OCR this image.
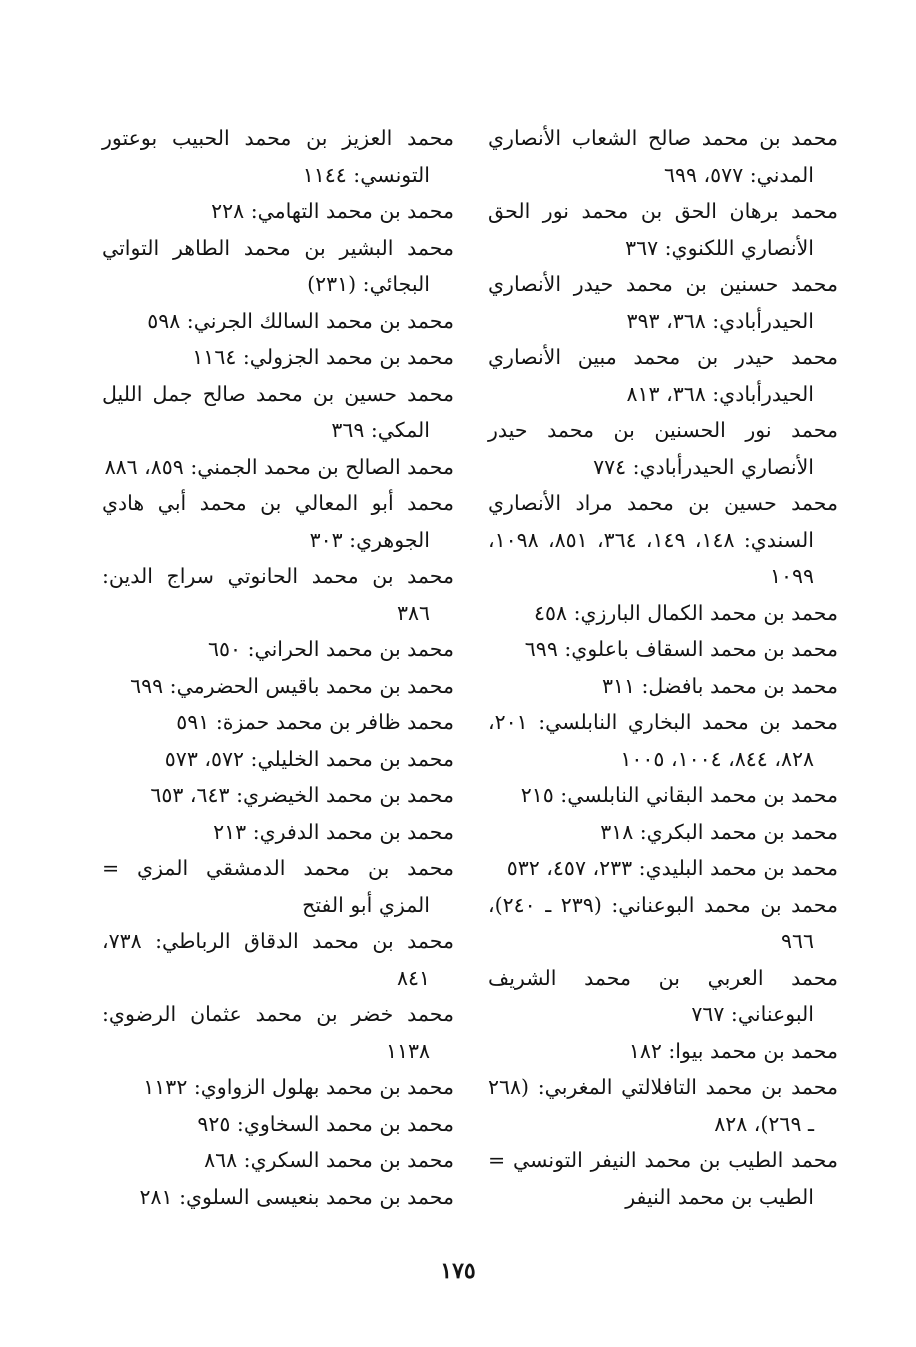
محمد بن محمد صالح الشعاب الأنصاري المدني: ٥٧٧، ٦٩٩

محمد برهان الحق بن محمد نور الحق الأنصاري اللكنوي: ٣٦٧

محمد حسنين بن محمد حيدر الأنصاري الحيدرأبادي: ٣٦٨، ٣٩٣

محمد حيدر بن محمد مبين الأنصاري الحيدرأبادي: ٣٦٨، ٨١٣

محمد نور الحسنين بن محمد حيدر الأنصاري الحيدرأبادي: ٧٧٤

محمد حسين بن محمد مراد الأنصاري السندي: ١٤٨، ١٤٩، ٣٦٤، ٨٥١، ١٠٩٨، ١٠٩٩

محمد بن محمد الكمال البارزي: ٤٥٨

محمد بن محمد السقاف باعلوي: ٦٩٩

محمد بن محمد بافضل: ٣١١

محمد بن محمد البخاري النابلسي: ٢٠١، ٨٢٨، ٨٤٤، ١٠٠٤، ١٠٠٥

محمد بن محمد البقاني النابلسي: ٢١٥

محمد بن محمد البكري: ٣١٨

محمد بن محمد البليدي: ٢٣٣، ٤٥٧، ٥٣٢

محمد بن محمد البوعناني: (٢٣٩ ـ ٢٤٠)، ٩٦٦

محمد العربي بن محمد الشريف البوعناني: ٧٦٧

محمد بن محمد بيوا: ١٨٢

محمد بن محمد التافلالتي المغربي: (٢٦٨ ـ ٢٦٩)، ٨٢٨

محمد الطيب بن محمد النيفر التونسي = الطيب بن محمد النيفر

محمد العزيز بن محمد الحبيب بوعتور التونسي: ١١٤٤

محمد بن محمد التهامي: ٢٢٨

محمد البشير بن محمد الطاهر التواتي البجائي: (٢٣١)

محمد بن محمد السالك الجرني: ٥٩٨

محمد بن محمد الجزولي: ١١٦٤

محمد حسين بن محمد صالح جمل الليل المكي: ٣٦٩

محمد الصالح بن محمد الجمني: ٨٥٩، ٨٨٦

محمد أبو المعالي بن محمد أبي هادي الجوهري: ٣٠٣

محمد بن محمد الحانوتي سراج الدين: ٣٨٦

محمد بن محمد الحراني: ٦٥٠

محمد بن محمد باقيس الحضرمي: ٦٩٩

محمد ظافر بن محمد حمزة: ٥٩١

محمد بن محمد الخليلي: ٥٧٢، ٥٧٣

محمد بن محمد الخيضري: ٦٤٣، ٦٥٣

محمد بن محمد الدفري: ٢١٣

محمد بن محمد الدمشقي المزي = المزي أبو الفتح

محمد بن محمد الدقاق الرباطي: ٧٣٨، ٨٤١

محمد خضر بن محمد عثمان الرضوي: ١١٣٨

محمد بن محمد بهلول الزواوي: ١١٣٢

محمد بن محمد السخاوي: ٩٢٥

محمد بن محمد السكري: ٨٦٨

محمد بن محمد بنعيسى السلوي: ٢٨١

١٧٥
